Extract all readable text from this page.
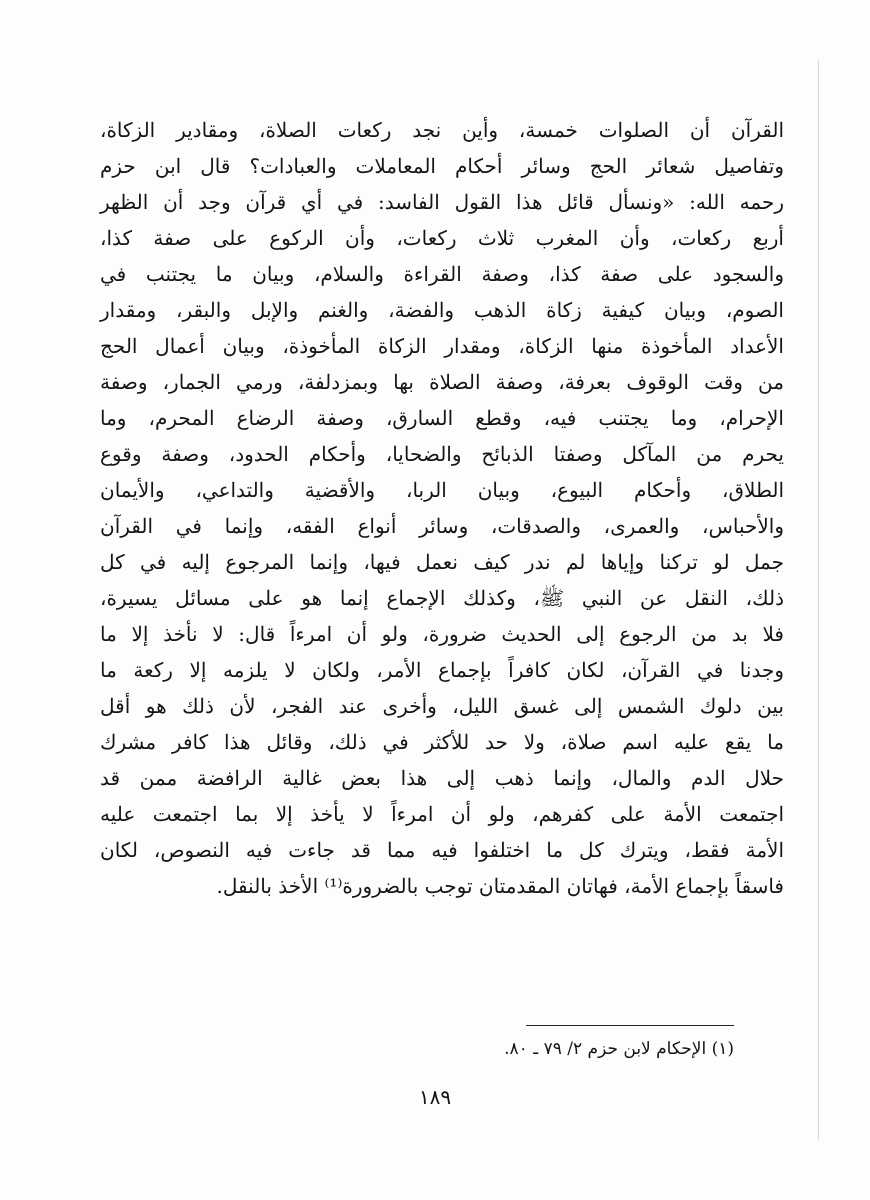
القرآن أن الصلوات خمسة، وأين نجد ركعات الصلاة، ومقادير الزكاة،
وتفاصيل شعائر الحج وسائر أحكام المعاملات والعبادات؟ قال ابن حزم
رحمه الله: «ونسأل قائل هذا القول الفاسد: في أي قرآن وجد أن الظهر
أربع ركعات، وأن المغرب ثلاث ركعات، وأن الركوع على صفة كذا،
والسجود على صفة كذا، وصفة القراءة والسلام، وبيان ما يجتنب في
الصوم، وبيان كيفية زكاة الذهب والفضة، والغنم والإبل والبقر، ومقدار
الأعداد المأخوذة منها الزكاة، ومقدار الزكاة المأخوذة، وبيان أعمال الحج
من وقت الوقوف بعرفة، وصفة الصلاة بها وبمزدلفة، ورمي الجمار، وصفة
الإحرام، وما يجتنب فيه، وقطع السارق، وصفة الرضاع المحرم، وما
يحرم من المآكل وصفتا الذبائح والضحايا، وأحكام الحدود، وصفة وقوع
الطلاق، وأحكام البيوع، وبيان الربا، والأقضية والتداعي، والأيمان
والأحباس، والعمرى، والصدقات، وسائر أنواع الفقه، وإنما في القرآن
جمل لو تركنا وإياها لم ندر كيف نعمل فيها، وإنما المرجوع إليه في كل
ذلك، النقل عن النبي ﷺ، وكذلك الإجماع إنما هو على مسائل يسيرة،
فلا بد من الرجوع إلى الحديث ضرورة، ولو أن امرءاً قال: لا نأخذ إلا ما
وجدنا في القرآن، لكان كافراً بإجماع الأمر، ولكان لا يلزمه إلا ركعة ما
بين دلوك الشمس إلى غسق الليل، وأخرى عند الفجر، لأن ذلك هو أقل
ما يقع عليه اسم صلاة، ولا حد للأكثر في ذلك، وقائل هذا كافر مشرك
حلال الدم والمال، وإنما ذهب إلى هذا بعض غالية الرافضة ممن قد
اجتمعت الأمة على كفرهم، ولو أن امرءاً لا يأخذ إلا بما اجتمعت عليه
الأمة فقط، ويترك كل ما اختلفوا فيه مما قد جاءت فيه النصوص، لكان
فاسقاً بإجماع الأمة، فهاتان المقدمتان توجب بالضرورة⁽¹⁾ الأخذ بالنقل.
(١) الإحكام لابن حزم ٢/ ٧٩ ـ ٨٠.
١٨٩
